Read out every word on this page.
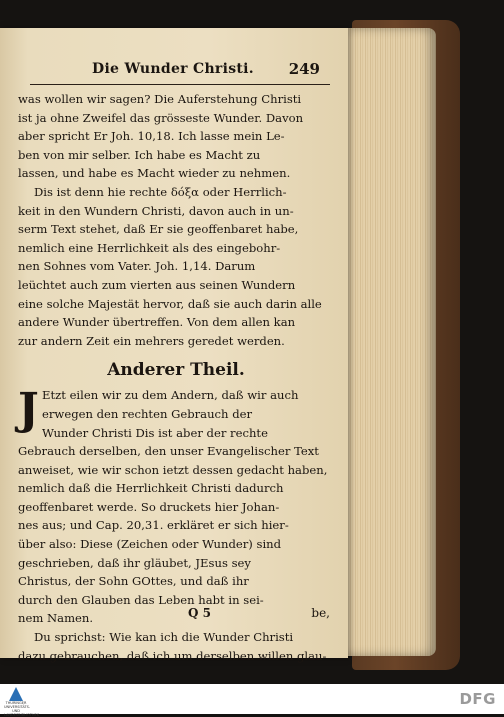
Die Wunder Christi. 249
was wollen wir sagen? Die Auferstehung Christi
ist ja ohne Zweifel das grösseste Wunder. Davon
aber spricht Er Joh. 10,18. Ich lasse mein Le-
ben von mir selber. Ich habe es Macht zu
lassen, und habe es Macht wieder zu nehmen.
Dis ist denn hie rechte δόξα oder Herrlich-
keit in den Wundern Christi, davon auch in un-
serm Text stehet, daß Er sie geoffenbaret habe,
nemlich eine Herrlichkeit als des eingebohr-
nen Sohnes vom Vater. Joh. 1,14. Darum
leüchtet auch zum vierten aus seinen Wundern
eine solche Majestät hervor, daß sie auch darin alle
andere Wunder übertreffen. Von dem allen kan
zur andern Zeit ein mehrers geredet werden.
Anderer Theil.
J Etzt eilen wir zu dem Andern, daß wir auch
erwegen den rechten Gebrauch der
Wunder Christi Dis ist aber der rechte
Gebrauch derselben, den unser Evangelischer Text
anweiset, wie wir schon ietzt dessen gedacht haben,
nemlich daß die Herrlichkeit Christi dadurch
geoffenbaret werde. So druckets hier Johan-
nes aus; und Cap. 20,31. erkläret er sich hier-
über also: Diese (Zeichen oder Wunder) sind
geschrieben, daß ihr gläubet, JEsus sey
Christus, der Sohn GOttes, und daß ihr
durch den Glauben das Leben habt in sei-
nem Namen.
Du sprichst: Wie kan ich die Wunder Christi
dazu gebrauchen, daß ich um derselben willen glau-
Q 5	be,
THÜRINGER UNIVERSITÄTS- UND LANDESBIBLIOTHEK
DFG
